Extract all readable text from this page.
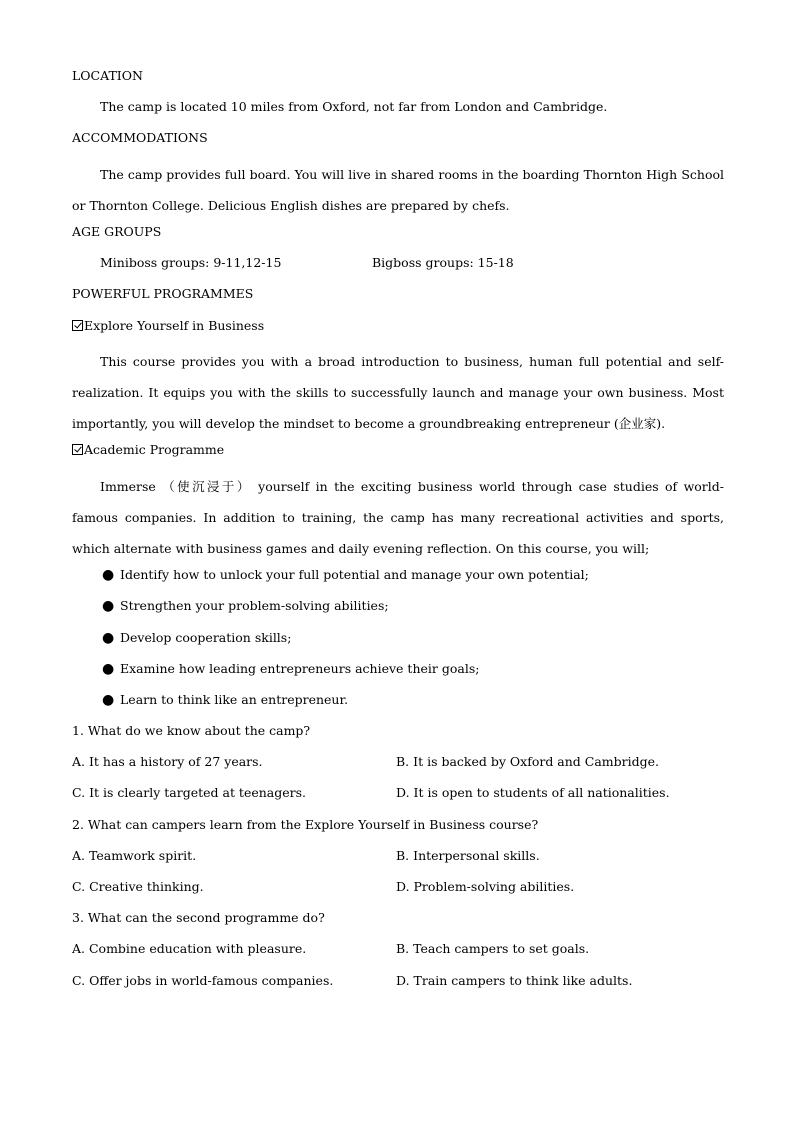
LOCATION
The camp is located 10 miles from Oxford, not far from London and Cambridge.
ACCOMMODATIONS
The camp provides full board. You will live in shared rooms in the boarding Thornton High School or Thornton College. Delicious English dishes are prepared by chefs.
AGE GROUPS
Miniboss groups: 9-11,12-15	Bigboss groups: 15-18
POWERFUL PROGRAMMES
Explore Yourself in Business
This course provides you with a broad introduction to business, human full potential and self-realization. It equips you with the skills to successfully launch and manage your own business. Most importantly, you will develop the mindset to become a groundbreaking entrepreneur (企业家).
Academic Programme
Immerse （使沉浸于） yourself in the exciting business world through case studies of world-famous companies. In addition to training, the camp has many recreational activities and sports, which alternate with business games and daily evening reflection. On this course, you will;
● Identify how to unlock your full potential and manage your own potential;
● Strengthen your problem-solving abilities;
● Develop cooperation skills;
● Examine how leading entrepreneurs achieve their goals;
● Learn to think like an entrepreneur.
1. What do we know about the camp?
A. It has a history of 27 years.	B. It is backed by Oxford and Cambridge.
C. It is clearly targeted at teenagers.	D. It is open to students of all nationalities.
2. What can campers learn from the Explore Yourself in Business course?
A. Teamwork spirit.	B. Interpersonal skills.
C. Creative thinking.	D. Problem-solving abilities.
3. What can the second programme do?
A. Combine education with pleasure.	B. Teach campers to set goals.
C. Offer jobs in world-famous companies.	D. Train campers to think like adults.
